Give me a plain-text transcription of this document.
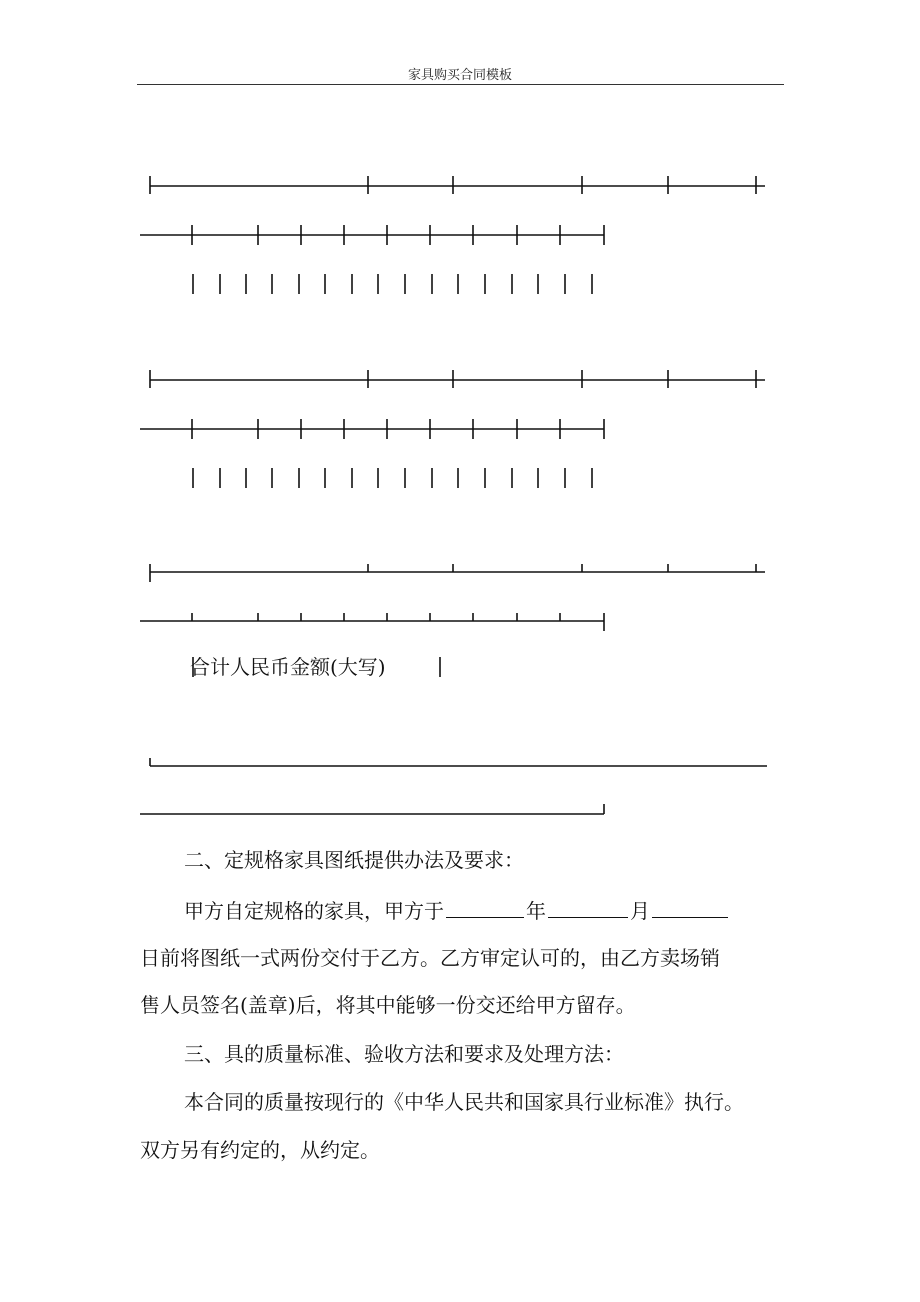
家具购买合同模板
合计人民币金额(大写)

二、定规格家具图纸提供办法及要求：

甲方自定规格的家具，甲方于	年	月

日前将图纸一式两份交付于乙方。乙方审定认可的，由乙方卖场销

售人员签名(盖章)后，将其中能够一份交还给甲方留存。

三、具的质量标准、验收方法和要求及处理方法：

本合同的质量按现行的《中华人民共和国家具行业标准》执行。

双方另有约定的，从约定。
